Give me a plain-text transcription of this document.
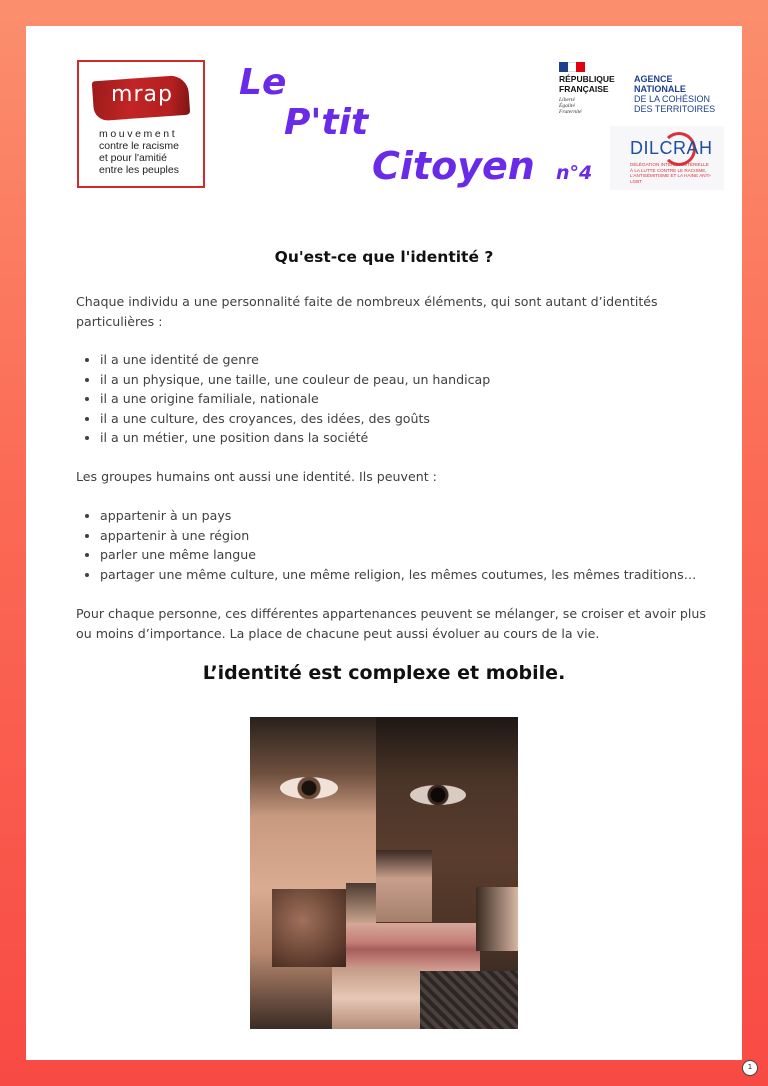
mrap
mouvement
contre le racisme
et pour l'amitié
entre les peuples
Le
P'tit
Citoyen n°4
RÉPUBLIQUE
FRANÇAISE
Liberté
Égalité
Fraternité
AGENCE
NATIONALE
DE LA COHÉSION
DES TERRITOIRES
DILCRAH
DÉLÉGATION INTERMINISTÉRIELLE À LA LUTTE CONTRE LE RACISME, L'ANTISÉMITISME ET LA HAINE ANTI-LGBT
Qu'est-ce que l'identité ?

Chaque individu a une personnalité faite de nombreux éléments, qui sont autant d’identités particulières :

• il a une identité de genre
• il a un physique, une taille, une couleur de peau, un handicap
• il a une origine familiale, nationale
• il a une culture, des croyances, des idées, des goûts
• il a un métier, une position dans la société

Les groupes humains ont aussi une identité. Ils peuvent :

• appartenir à un pays
• appartenir à une région
• parler une même langue
• partager une même culture, une même religion, les mêmes coutumes, les mêmes traditions…

Pour chaque personne, ces différentes appartenances peuvent se mélanger, se croiser et avoir plus ou moins d’importance. La place de chacune peut aussi évoluer au cours de la vie.

L’identité est complexe et mobile.
1
